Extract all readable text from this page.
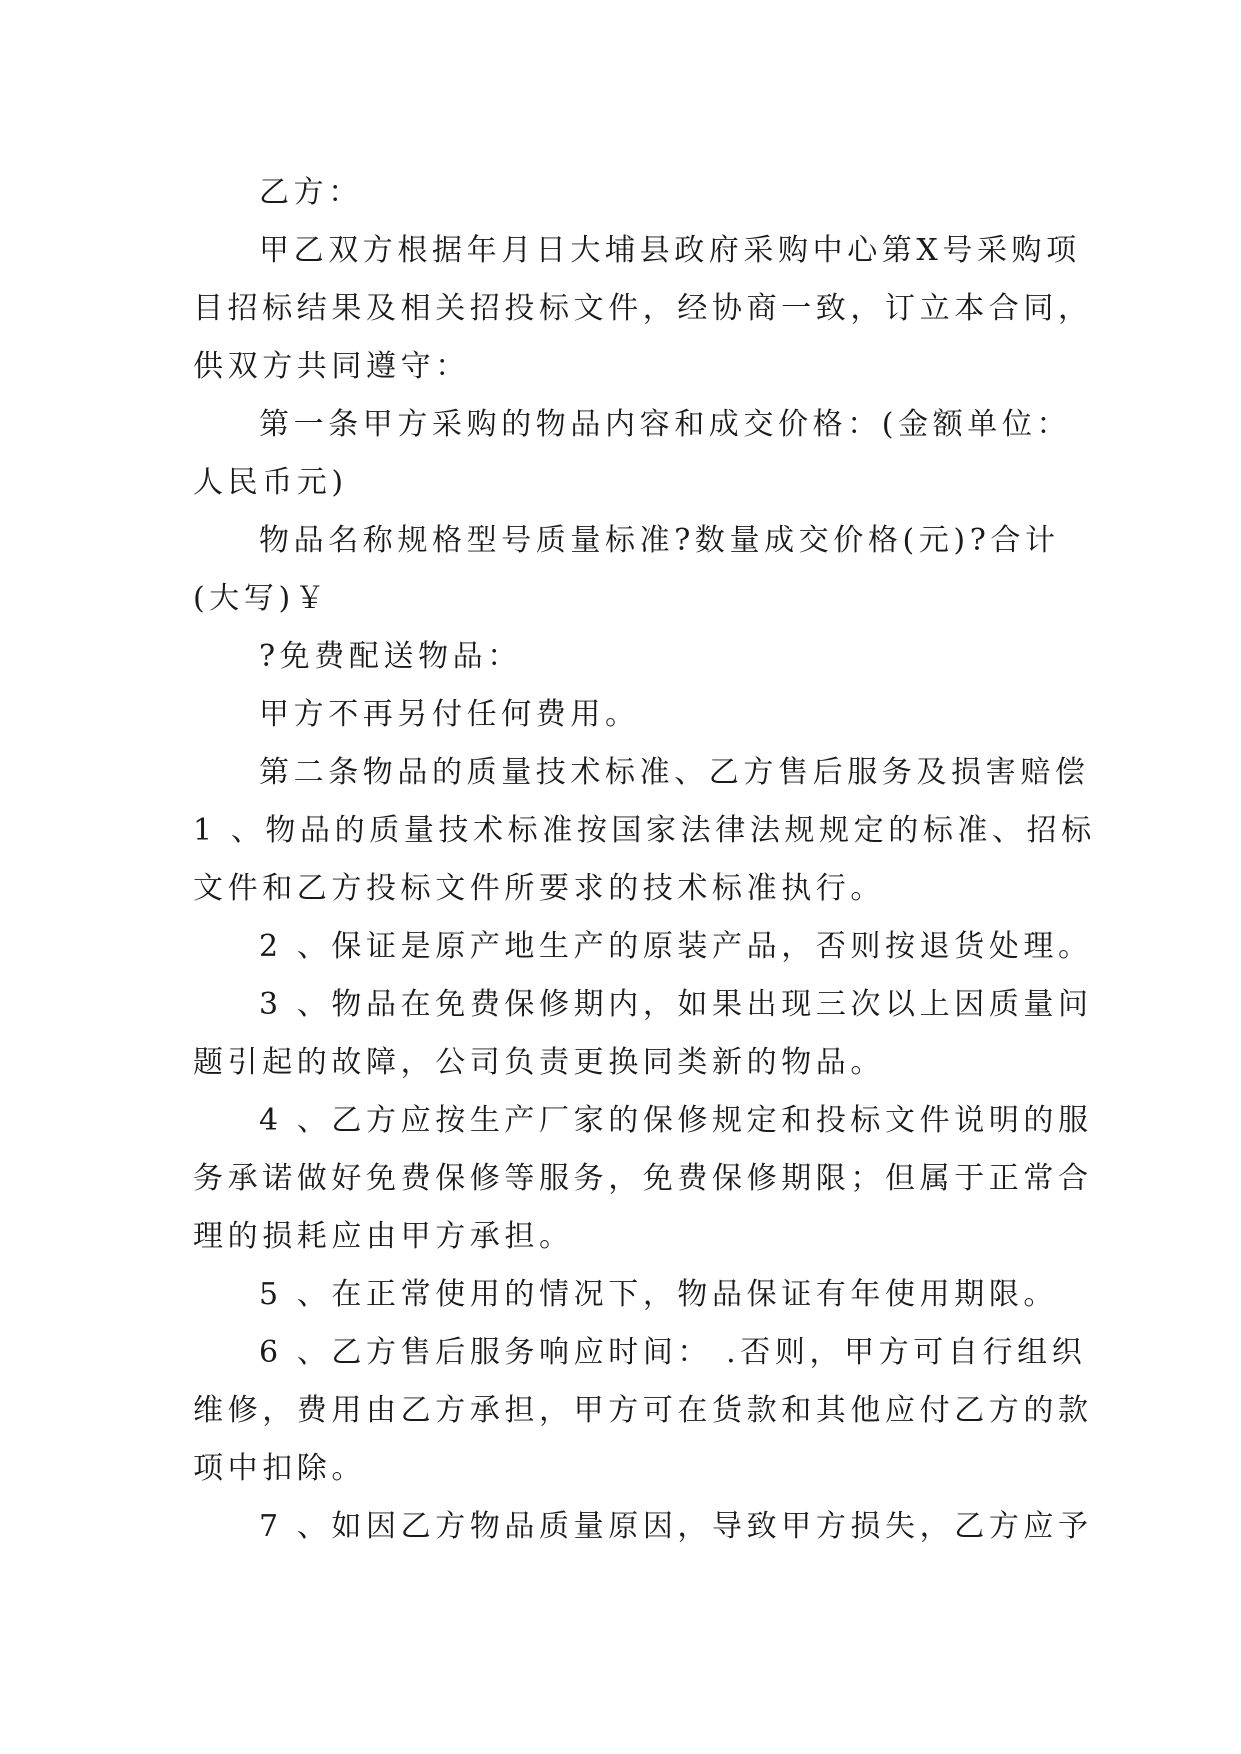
乙方：
甲乙双方根据年月日大埔县政府采购中心第X号采购项
目招标结果及相关招投标文件，经协商一致，订立本合同，
供双方共同遵守：
第一条甲方采购的物品内容和成交价格：(金额单位：
人民币元)
物品名称规格型号质量标准?数量成交价格(元)?合计
(大写)￥
?免费配送物品：
甲方不再另付任何费用。
第二条物品的质量技术标准、乙方售后服务及损害赔偿
1 、物品的质量技术标准按国家法律法规规定的标准、招标
文件和乙方投标文件所要求的技术标准执行。
2 、保证是原产地生产的原装产品，否则按退货处理。
3 、物品在免费保修期内，如果出现三次以上因质量问
题引起的故障，公司负责更换同类新的物品。
4 、乙方应按生产厂家的保修规定和投标文件说明的服
务承诺做好免费保修等服务，免费保修期限；但属于正常合
理的损耗应由甲方承担。
5 、在正常使用的情况下，物品保证有年使用期限。
6 、乙方售后服务响应时间： .否则，甲方可自行组织
维修，费用由乙方承担，甲方可在货款和其他应付乙方的款
项中扣除。
7 、如因乙方物品质量原因，导致甲方损失，乙方应予
